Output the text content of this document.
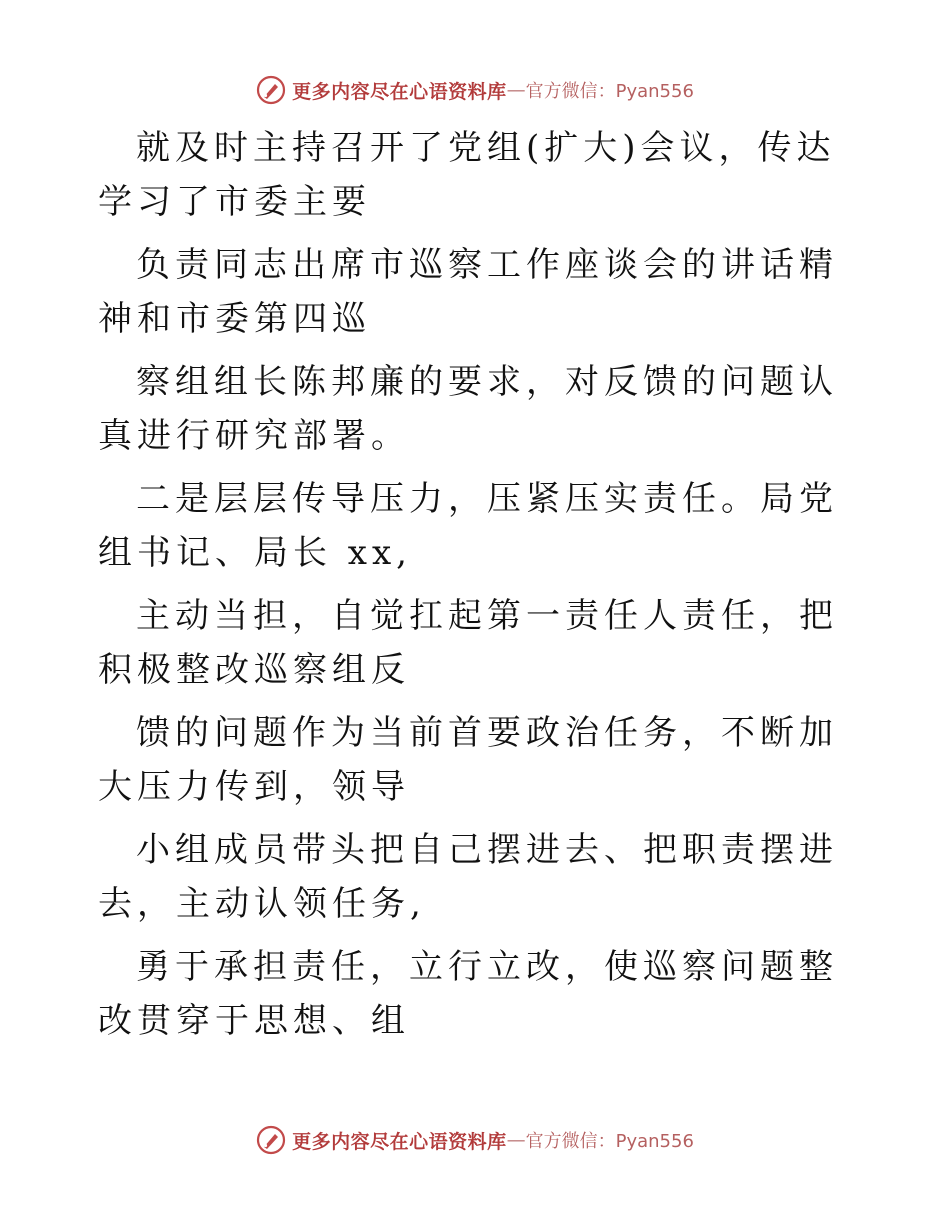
更多内容尽在心语资料库 — 官方微信：Pyan556

就及时主持召开了党组(扩大)会议，传达学习了市委主要

负责同志出席市巡察工作座谈会的讲话精神和市委第四巡

察组组长陈邦廉的要求，对反馈的问题认真进行研究部署。

二是层层传导压力，压紧压实责任。局党组书记、局长 xx,

主动当担，自觉扛起第一责任人责任，把积极整改巡察组反

馈的问题作为当前首要政治任务，不断加大压力传到，领导

小组成员带头把自己摆进去、把职责摆进去，主动认领任务,

勇于承担责任，立行立改，使巡察问题整改贯穿于思想、组

更多内容尽在心语资料库 — 官方微信：Pyan556
